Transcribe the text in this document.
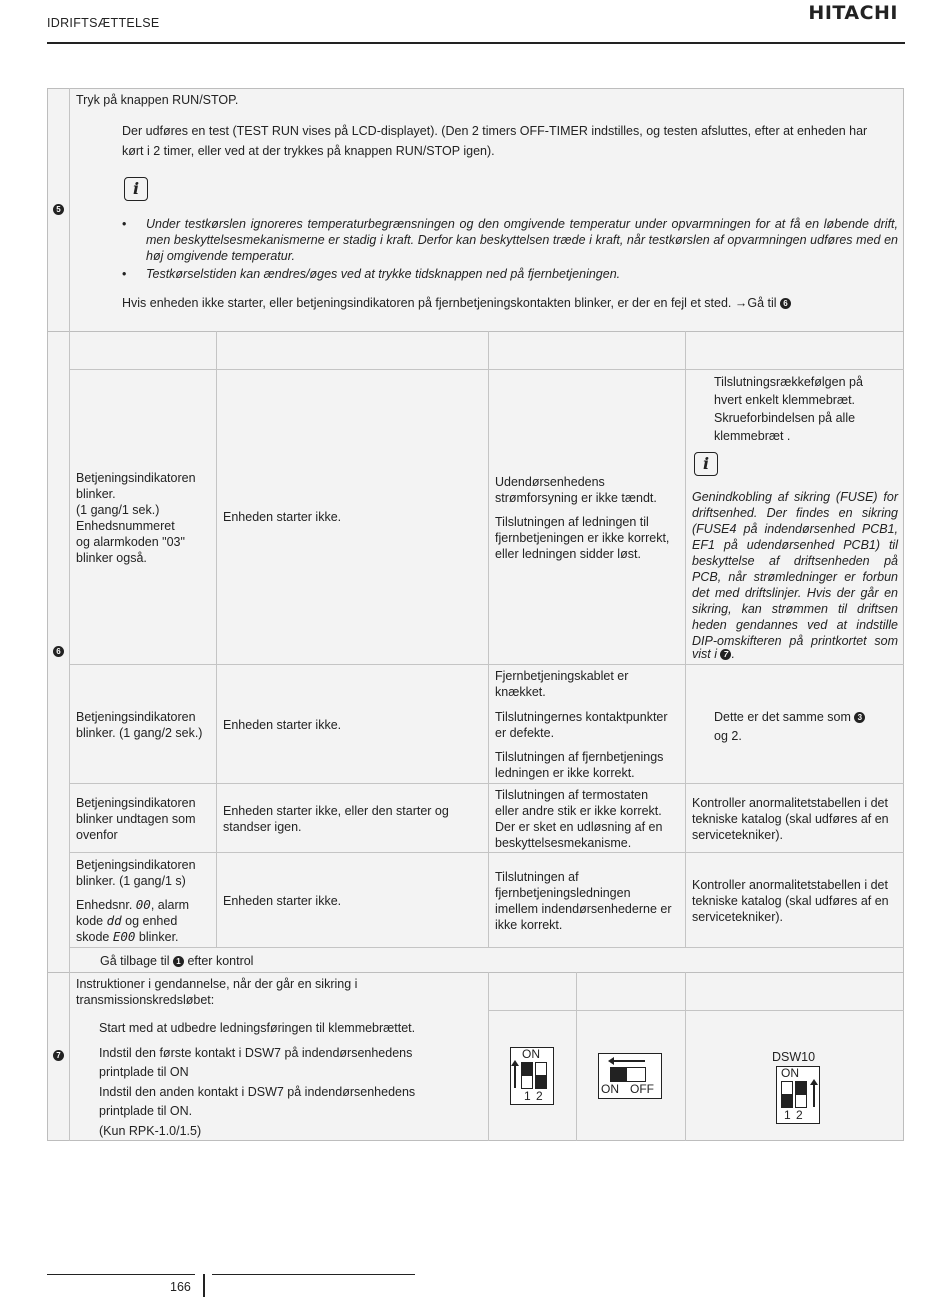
IDRIFTSÆTTELSE	HITACHI
5
Tryk på knappen RUN/STOP.
Der udføres en test (TEST RUN vises på LCD-displayet). (Den 2 timers OFF-TIMER indstilles, og testen afsluttes, efter at enheden har kørt i 2 timer, eller ved at der trykkes på knappen RUN/STOP igen).
i
• Under testkørslen ignoreres temperaturbegrænsningen og den omgivende temperatur under opvarmningen for at få en løbende drift, men beskyttelsesmekanismerne er stadig i kraft. Derfor kan beskyttelsen træde i kraft, når testkørslen af opvarmningen udføres med en høj omgivende temperatur.
• Testkørselstiden kan ændres/øges ved at trykke tidsknappen ned på fjernbetjeningen.
Hvis enheden ikke starter, eller betjeningsindikatoren på fjernbetjeningskontakten blinker, er der en fejl et sted. →Gå til 6
6
Betjeningsindikatoren
blinker.
(1 gang/1 sek.)
Enhedsnummeret
og alarmkoden "03"
blinker også.
Enheden starter ikke.
Udendørsenhedens
strømforsyning er ikke tændt.
Tilslutningen af ledningen til
fjernbetjeningen er ikke korrekt,
eller ledningen sidder løst.
Tilslutningsrækkefølgen på
hvert enkelt klemmebræt.
Skrueforbindelsen på alle
klemmebræt .
i
Genindkobling af sikring (FUSE) for
driftsenhed. Der findes en sikring
(FUSE4 på indendørsenhed PCB1,
EF1 på udendørsenhed PCB1) til
beskyttelse af driftsenheden på
PCB, når strømledninger er forbun
det med driftslinjer. Hvis der går en
sikring, kan strømmen til driftsen
heden gendannes ved at indstille
DIP-omskifteren på printkortet som
vist i 7 .
Betjeningsindikatoren
blinker. (1 gang/2 sek.)
Enheden starter ikke.
Fjernbetjeningskablet er
knækket.
Tilslutningernes kontaktpunkter
er defekte.
Tilslutningen af fjernbetjenings
ledningen er ikke korrekt.
Dette er det samme som 3
og 2.
Betjeningsindikatoren
blinker undtagen som
ovenfor
Enheden starter ikke, eller den starter og
standser igen.
Tilslutningen af termostaten
eller andre stik er ikke korrekt.
Der er sket en udløsning af en
beskyttelsesmekanisme.
Kontroller anormalitetstabellen i det
tekniske katalog (skal udføres af en
servicetekniker).
Betjeningsindikatoren
blinker. (1 gang/1 s)
Enhedsnr. 00, alarm
kode dd og enhed
skode E00 blinker.
Enheden starter ikke.
Tilslutningen af
fjernbetjeningsledningen
imellem indendørsenhederne er
ikke korrekt.
Kontroller anormalitetstabellen i det
tekniske katalog (skal udføres af en
servicetekniker).
Gå tilbage til 1 efter kontrol
7
Instruktioner i gendannelse, når der går en sikring i
transmissionskredsløbet:
Start med at udbedre ledningsføringen til klemmebrættet.
Indstil den første kontakt i DSW7 på indendørsenhedens
printplade til ON
Indstil den anden kontakt i DSW7 på indendørsenhedens
printplade til ON.
(Kun RPK-1.0/1.5)
ON
1 2	ON OFF
DSW10
ON
1 2
166
